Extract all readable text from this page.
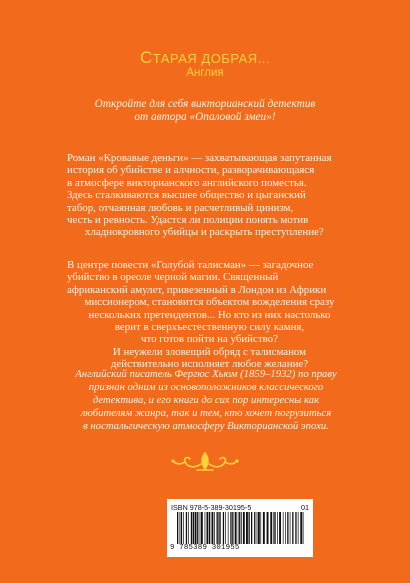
СТАРАЯ ДОБРАЯ...
Англия
Откройте для себя викторианский детектив
от автора «Опаловой змеи»!
Роман «Кровавые деньги» — захватывающая запутанная
история об убийстве и алчности, разворачивающаяся
в атмосфере викторианского английского поместья.
Здесь сталкиваются высшее общество и цыганский
табор, отчаянная любовь и расчетливый цинизм,
честь и ревность. Удастся ли полиции понять мотив
хладнокровного убийцы и раскрыть преступление?
В центре повести «Голубой талисман» — загадочное
убийство в ореоле черной магии. Священный
африканский амулет, привезенный в Лондон из Африки
миссионером, становится объектом вожделения сразу
нескольких претендентов... Но кто из них настолько
верит в сверхъестественную силу камня,
что готов пойти на убийство?
И неужели зловещий обряд с талисманом
действительно исполняет любое желание?
Английский писатель Фергюс Хьюм (1859–1932) по праву
признан одним из основоположников классического
детектива, и его книги до сих пор интересны как
любителям жанра, так и тем, кто хочет погрузиться
в ностальгическую атмосферу Викторианской эпохи.
ISBN 978-5-389-30195-5	01
9 785389 301955
